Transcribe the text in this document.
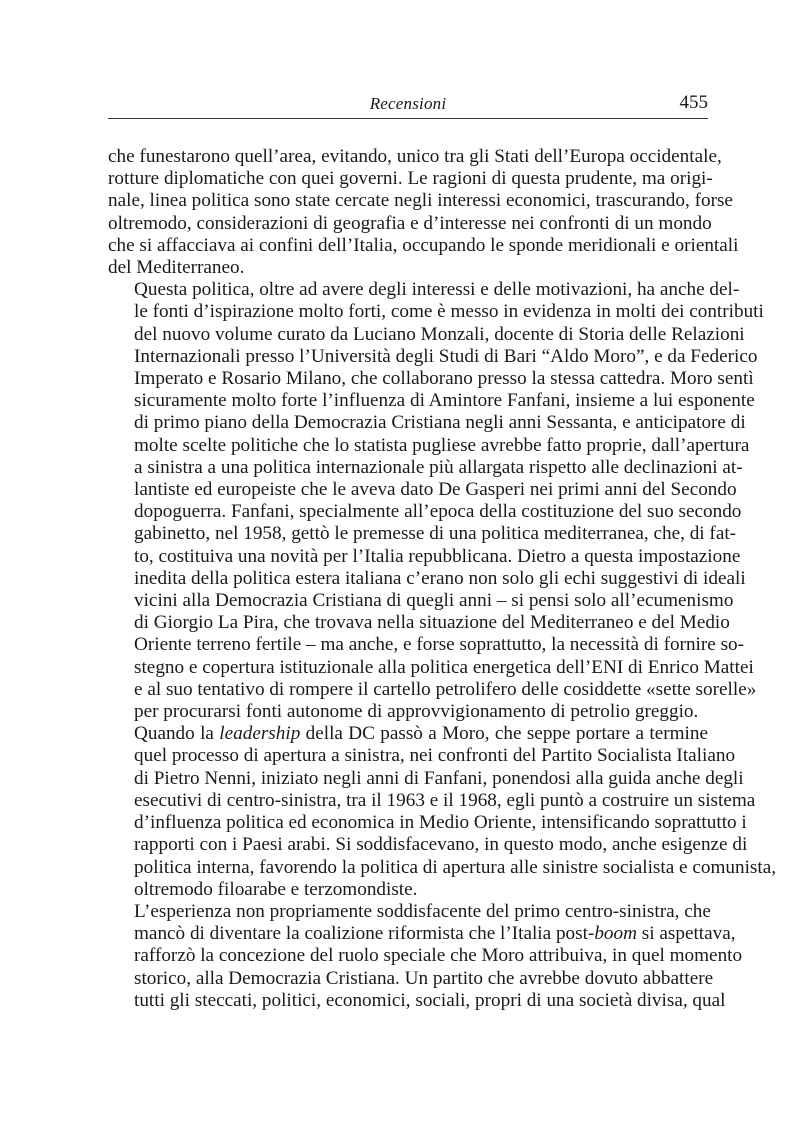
Recensioni	455
che funestarono quell’area, evitando, unico tra gli Stati dell’Europa occidentale,
rotture diplomatiche con quei governi. Le ragioni di questa prudente, ma origi-
nale, linea politica sono state cercate negli interessi economici, trascurando, forse
oltremodo, considerazioni di geografia e d’interesse nei confronti di un mondo
che si affacciava ai confini dell’Italia, occupando le sponde meridionali e orientali
del Mediterraneo.
Questa politica, oltre ad avere degli interessi e delle motivazioni, ha anche del-
le fonti d’ispirazione molto forti, come è messo in evidenza in molti dei contributi
del nuovo volume curato da Luciano Monzali, docente di Storia delle Relazioni
Internazionali presso l’Università degli Studi di Bari “Aldo Moro”, e da Federico
Imperato e Rosario Milano, che collaborano presso la stessa cattedra. Moro sentì
sicuramente molto forte l’influenza di Amintore Fanfani, insieme a lui esponente
di primo piano della Democrazia Cristiana negli anni Sessanta, e anticipatore di
molte scelte politiche che lo statista pugliese avrebbe fatto proprie, dall’apertura
a sinistra a una politica internazionale più allargata rispetto alle declinazioni at-
lantiste ed europeiste che le aveva dato De Gasperi nei primi anni del Secondo
dopoguerra. Fanfani, specialmente all’epoca della costituzione del suo secondo
gabinetto, nel 1958, gettò le premesse di una politica mediterranea, che, di fat-
to, costituiva una novità per l’Italia repubblicana. Dietro a questa impostazione
inedita della politica estera italiana c’erano non solo gli echi suggestivi di ideali
vicini alla Democrazia Cristiana di quegli anni – si pensi solo all’ecumenismo
di Giorgio La Pira, che trovava nella situazione del Mediterraneo e del Medio
Oriente terreno fertile – ma anche, e forse soprattutto, la necessità di fornire so-
stegno e copertura istituzionale alla politica energetica dell’ENI di Enrico Mattei
e al suo tentativo di rompere il cartello petrolifero delle cosiddette «sette sorelle»
per procurarsi fonti autonome di approvvigionamento di petrolio greggio.
Quando la leadership della DC passò a Moro, che seppe portare a termine
quel processo di apertura a sinistra, nei confronti del Partito Socialista Italiano
di Pietro Nenni, iniziato negli anni di Fanfani, ponendosi alla guida anche degli
esecutivi di centro-sinistra, tra il 1963 e il 1968, egli puntò a costruire un sistema
d’influenza politica ed economica in Medio Oriente, intensificando soprattutto i
rapporti con i Paesi arabi. Si soddisfacevano, in questo modo, anche esigenze di
politica interna, favorendo la politica di apertura alle sinistre socialista e comunista,
oltremodo filoarabe e terzomondiste.
L’esperienza non propriamente soddisfacente del primo centro-sinistra, che
mancò di diventare la coalizione riformista che l’Italia post-boom si aspettava,
rafforzò la concezione del ruolo speciale che Moro attribuiva, in quel momento
storico, alla Democrazia Cristiana. Un partito che avrebbe dovuto abbattere
tutti gli steccati, politici, economici, sociali, propri di una società divisa, qual
